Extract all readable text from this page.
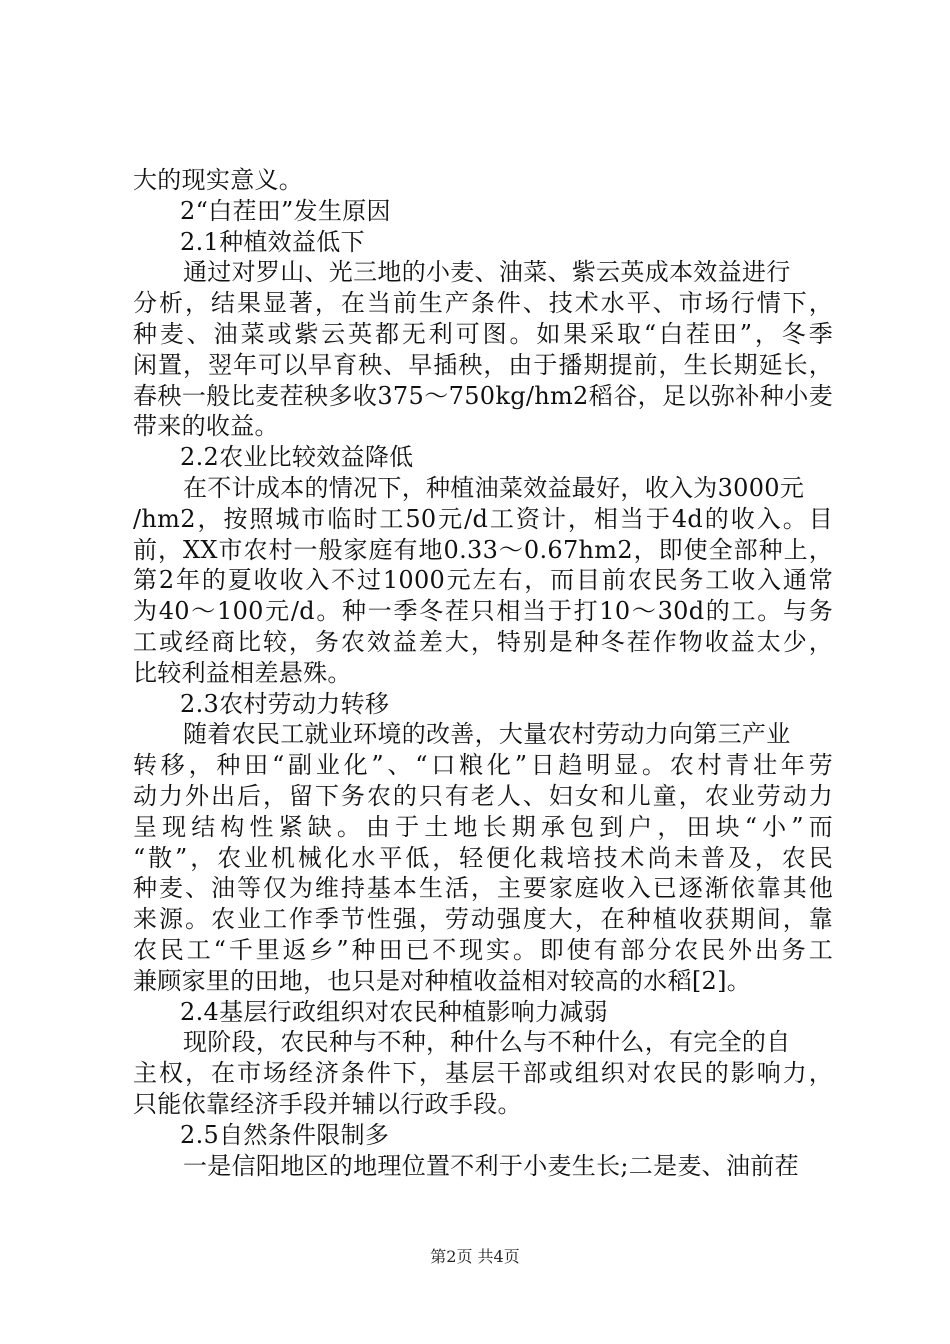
大的现实意义。
2“白茬田”发生原因
2.1种植效益低下
通过对罗山、光三地的小麦、油菜、紫云英成本效益进行
分析，结果显著，在当前生产条件、技术水平、市场行情下，
种麦、油菜或紫云英都无利可图。如果采取“白茬田”，冬季
闲置，翌年可以早育秧、早插秧，由于播期提前，生长期延长，
春秧一般比麦茬秧多收375～750kg/hm2稻谷，足以弥补种小麦
带来的收益。
2.2农业比较效益降低
在不计成本的情况下，种植油菜效益最好，收入为3000元
/hm2，按照城市临时工50元/d工资计，相当于4d的收入。目
前，XX市农村一般家庭有地0.33～0.67hm2，即使全部种上，
第2年的夏收收入不过1000元左右，而目前农民务工收入通常
为40～100元/d。种一季冬茬只相当于打10～30d的工。与务
工或经商比较，务农效益差大，特别是种冬茬作物收益太少，
比较利益相差悬殊。
2.3农村劳动力转移
随着农民工就业环境的改善，大量农村劳动力向第三产业
转移，种田“副业化”、“口粮化”日趋明显。农村青壮年劳
动力外出后，留下务农的只有老人、妇女和儿童，农业劳动力
呈现结构性紧缺。由于土地长期承包到户，田块“小”而
“散”，农业机械化水平低，轻便化栽培技术尚未普及，农民
种麦、油等仅为维持基本生活，主要家庭收入已逐渐依靠其他
来源。农业工作季节性强，劳动强度大，在种植收获期间，靠
农民工“千里返乡”种田已不现实。即使有部分农民外出务工
兼顾家里的田地，也只是对种植收益相对较高的水稻[2]。
2.4基层行政组织对农民种植影响力减弱
现阶段，农民种与不种，种什么与不种什么，有完全的自
主权，在市场经济条件下，基层干部或组织对农民的影响力，
只能依靠经济手段并辅以行政手段。
2.5自然条件限制多
一是信阳地区的地理位置不利于小麦生长;二是麦、油前茬
第2页 共4页
